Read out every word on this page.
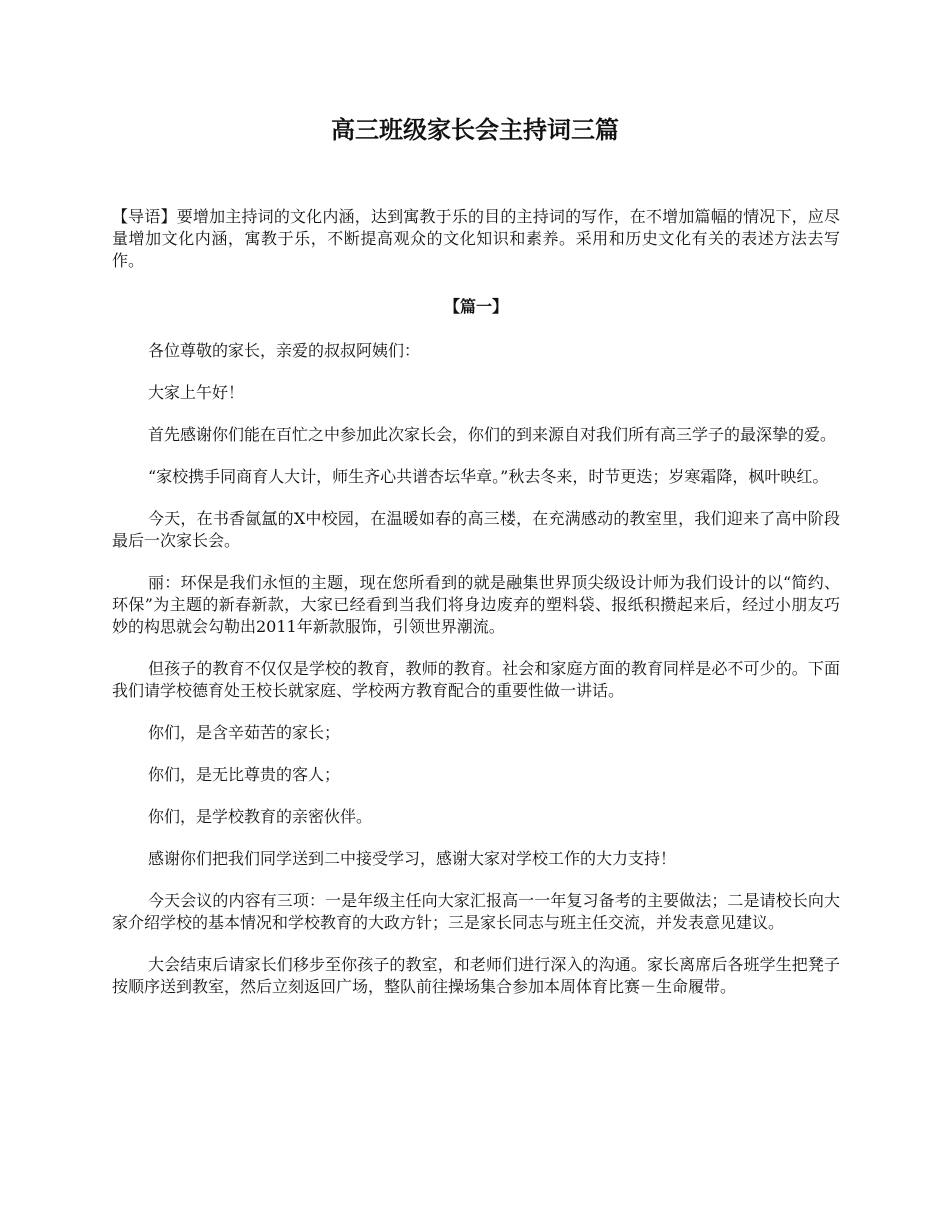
高三班级家长会主持词三篇

【导语】要增加主持词的文化内涵，达到寓教于乐的目的主持词的写作，在不增加篇幅的情况下，应尽量增加文化内涵，寓教于乐，不断提高观众的文化知识和素养。采用和历史文化有关的表述方法去写作。

【篇一】

各位尊敬的家长，亲爱的叔叔阿姨们：

大家上午好！

首先感谢你们能在百忙之中参加此次家长会，你们的到来源自对我们所有高三学子的最深挚的爱。

“家校携手同商育人大计，师生齐心共谱杏坛华章。”秋去冬来，时节更迭；岁寒霜降，枫叶映红。

今天，在书香氤氲的X中校园，在温暖如春的高三楼，在充满感动的教室里，我们迎来了高中阶段最后一次家长会。

丽：环保是我们永恒的主题，现在您所看到的就是融集世界顶尖级设计师为我们设计的以“简约、环保”为主题的新春新款，大家已经看到当我们将身边废弃的塑料袋、报纸积攒起来后，经过小朋友巧妙的构思就会勾勒出2011年新款服饰，引领世界潮流。

但孩子的教育不仅仅是学校的教育，教师的教育。社会和家庭方面的教育同样是必不可少的。下面我们请学校德育处王校长就家庭、学校两方教育配合的重要性做一讲话。

你们，是含辛茹苦的家长；

你们，是无比尊贵的客人；

你们，是学校教育的亲密伙伴。

感谢你们把我们同学送到二中接受学习，感谢大家对学校工作的大力支持！

今天会议的内容有三项：一是年级主任向大家汇报高一一年复习备考的主要做法；二是请校长向大家介绍学校的基本情况和学校教育的大政方针；三是家长同志与班主任交流，并发表意见建议。

大会结束后请家长们移步至你孩子的教室，和老师们进行深入的沟通。家长离席后各班学生把凳子按顺序送到教室，然后立刻返回广场，整队前往操场集合参加本周体育比赛－生命履带。
